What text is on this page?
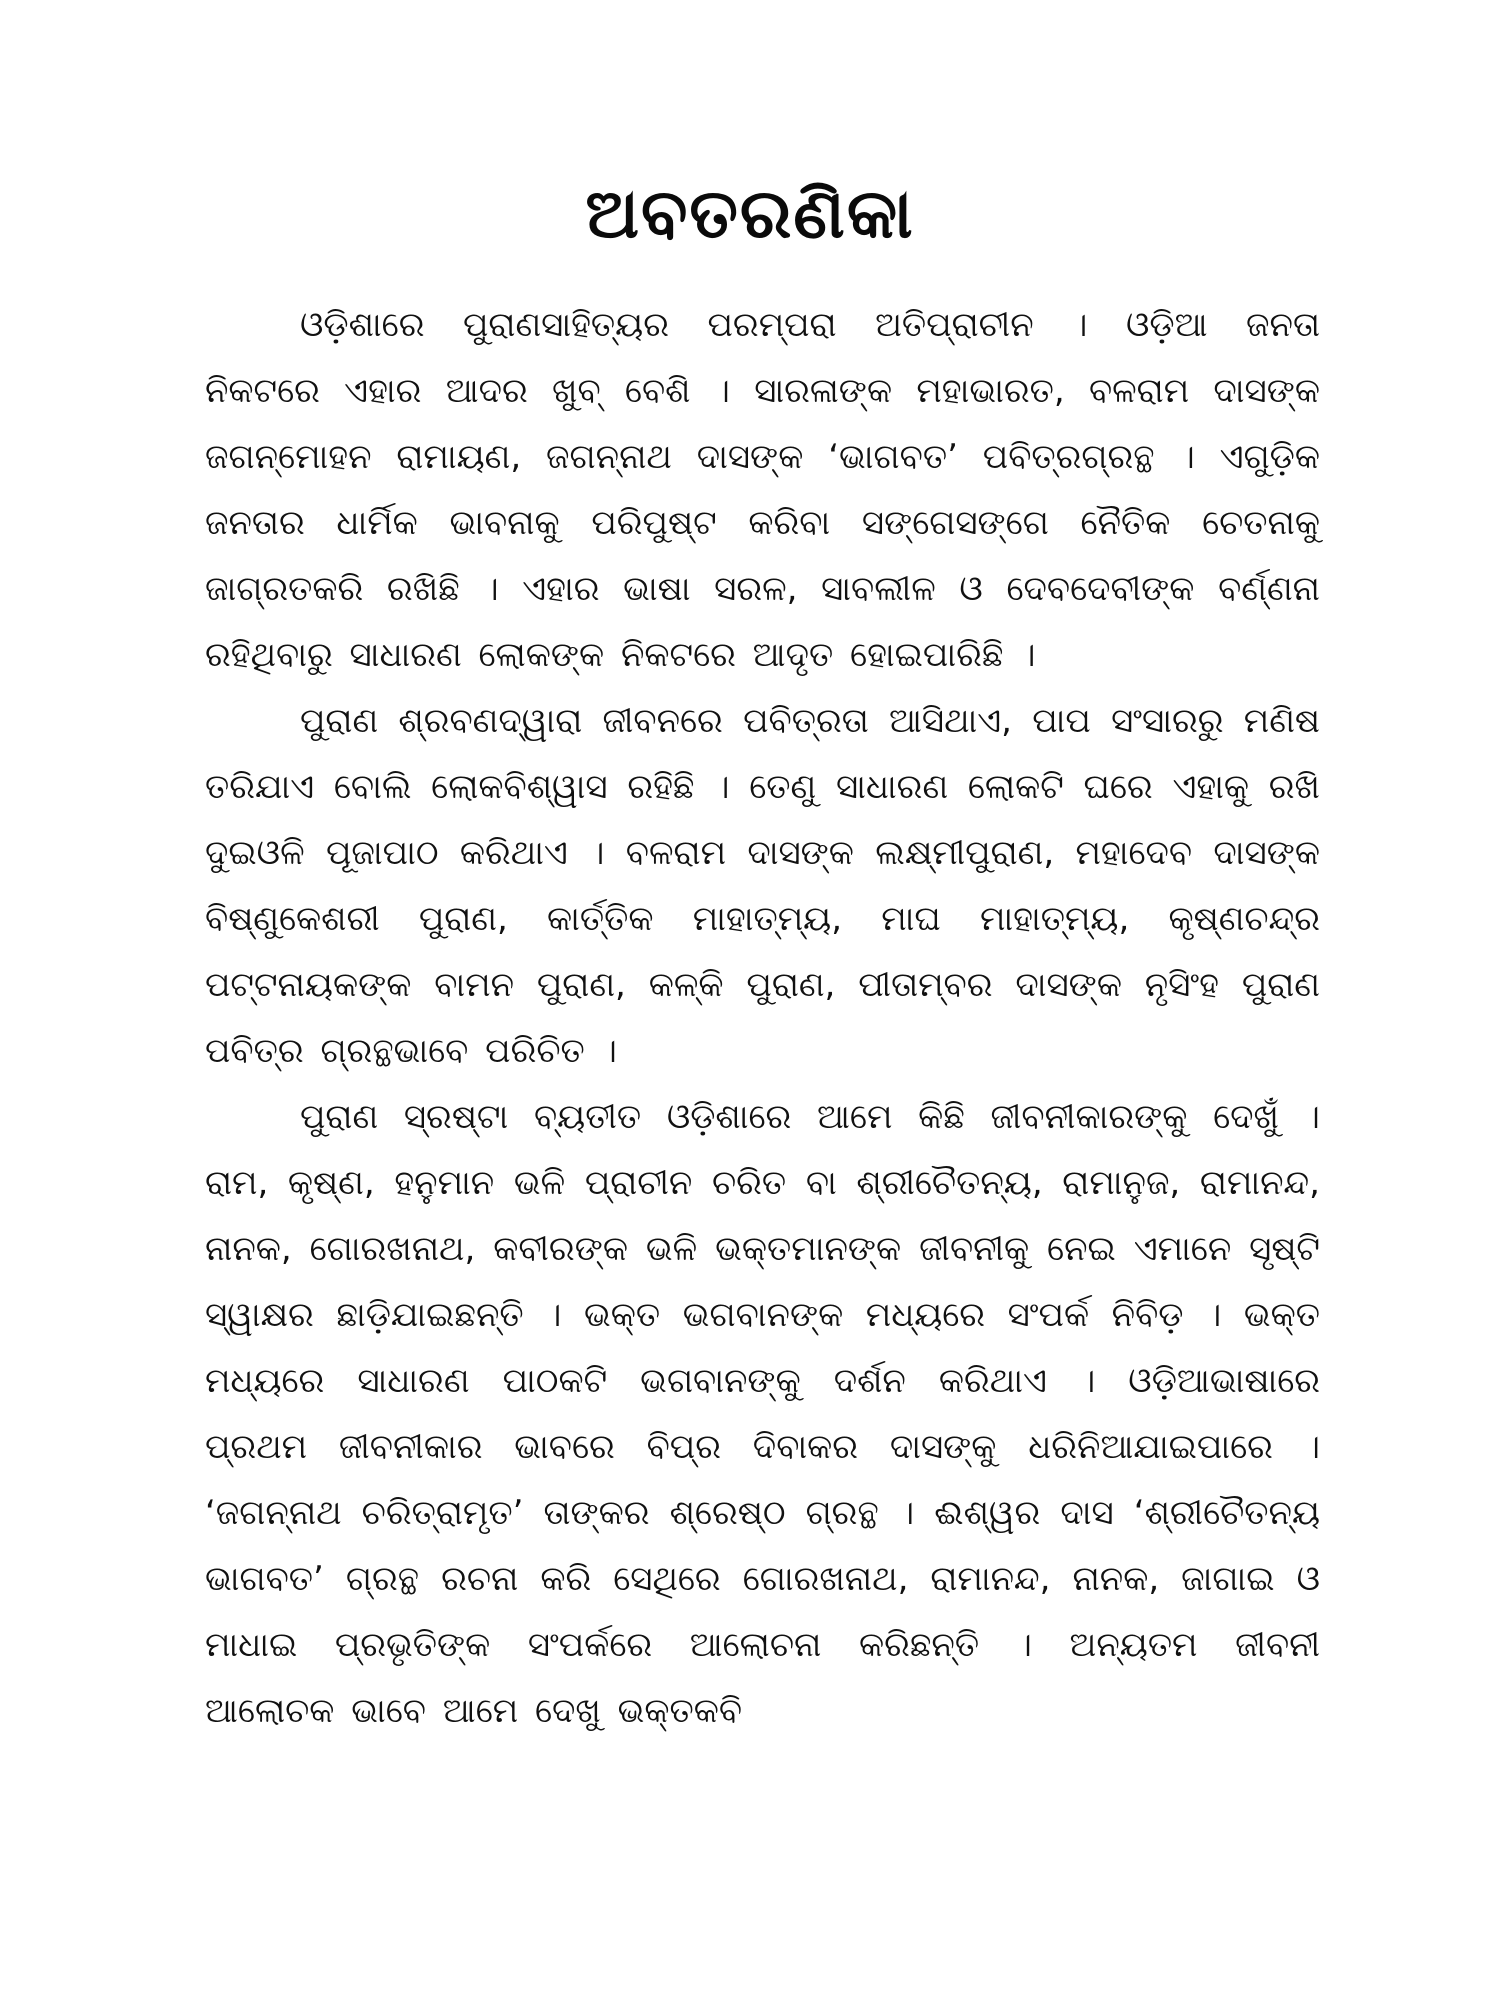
ଅବତରଣିକା

ଓଡ଼ିଶାରେ ପୁରାଣସାହିତ୍ୟର ପରମ୍ପରା ଅତିପ୍ରାଚୀନ । ଓଡ଼ିଆ ଜନତା ନିକଟରେ ଏହାର ଆଦର ଖୁବ୍ ବେଶି । ସାରଳାଙ୍କ ମହାଭାରତ, ବଳରାମ ଦାସଙ୍କ ଜଗନ୍ମୋହନ ରାମାୟଣ, ଜଗନ୍ନାଥ ଦାସଙ୍କ ‘ଭାଗବତ’ ପବିତ୍ରଗ୍ରନ୍ଥ । ଏଗୁଡ଼ିକ ଜନତାର ଧାର୍ମିକ ଭାବନାକୁ ପରିପୁଷ୍ଟ କରିବା ସଙ୍ଗେସଙ୍ଗେ ନୈତିକ ଚେତନାକୁ ଜାଗ୍ରତକରି ରଖିଛି । ଏହାର ଭାଷା ସରଳ, ସାବଲୀଳ ଓ ଦେବଦେବୀଙ୍କ ବର୍ଣ୍ଣନା ରହିଥିବାରୁ ସାଧାରଣ ଲୋକଙ୍କ ନିକଟରେ ଆଦୃତ ହୋଇପାରିଛି ।

ପୁରାଣ ଶ୍ରବଣଦ୍ୱାରା ଜୀବନରେ ପବିତ୍ରତା ଆସିଥାଏ, ପାପ ସଂସାରରୁ ମଣିଷ ତରିଯାଏ ବୋଲି ଲୋକବିଶ୍ୱାସ ରହିଛି । ତେଣୁ ସାଧାରଣ ଲୋକଟି ଘରେ ଏହାକୁ ରଖି ଦୁଇଓଳି ପୂଜାପାଠ କରିଥାଏ । ବଳରାମ ଦାସଙ୍କ ଲକ୍ଷ୍ମୀପୁରାଣ, ମହାଦେବ ଦାସଙ୍କ ବିଷ୍ଣୁକେଶରୀ ପୁରାଣ, କାର୍ତ୍ତିକ ମାହାତ୍ମ୍ୟ, ମାଘ ମାହାତ୍ମ୍ୟ, କୃଷ୍ଣଚନ୍ଦ୍ର ପଟ୍ଟନାୟକଙ୍କ ବାମନ ପୁରାଣ, କଳ୍କି ପୁରାଣ, ପୀତାମ୍ବର ଦାସଙ୍କ ନୃସିଂହ ପୁରାଣ ପବିତ୍ର ଗ୍ରନ୍ଥଭାବେ ପରିଚିତ ।

ପୁରାଣ ସ୍ରଷ୍ଟା ବ୍ୟତୀତ ଓଡ଼ିଶାରେ ଆମେ କିଛି ଜୀବନୀକାରଙ୍କୁ ଦେଖୁଁ । ରାମ, କୃଷ୍ଣ, ହନୁମାନ ଭଳି ପ୍ରାଚୀନ ଚରିତ ବା ଶ୍ରୀଚୈତନ୍ୟ, ରାମାନୁଜ, ରାମାନନ୍ଦ, ନାନକ, ଗୋରଖନାଥ, କବୀରଙ୍କ ଭଳି ଭକ୍ତମାନଙ୍କ ଜୀବନୀକୁ ନେଇ ଏମାନେ ସୃଷ୍ଟି ସ୍ୱାକ୍ଷର ଛାଡ଼ିଯାଇଛନ୍ତି । ଭକ୍ତ ଭଗବାନଙ୍କ ମଧ୍ୟରେ ସଂପର୍କ ନିବିଡ଼ । ଭକ୍ତ ମଧ୍ୟରେ ସାଧାରଣ ପାଠକଟି ଭଗବାନଙ୍କୁ ଦର୍ଶନ କରିଥାଏ । ଓଡ଼ିଆଭାଷାରେ ପ୍ରଥମ ଜୀବନୀକାର ଭାବରେ ବିପ୍ର ଦିବାକର ଦାସଙ୍କୁ ଧରିନିଆଯାଇପାରେ । ‘ଜଗନ୍ନାଥ ଚରିତ୍ରାମୃତ’ ତାଙ୍କର ଶ୍ରେଷ୍ଠ ଗ୍ରନ୍ଥ । ଈଶ୍ୱର ଦାସ ‘ଶ୍ରୀଚୈତନ୍ୟ ଭାଗବତ’ ଗ୍ରନ୍ଥ ରଚନା କରି ସେଥିରେ ଗୋରଖନାଥ, ରାମାନନ୍ଦ, ନାନକ, ଜାଗାଇ ଓ ମାଧାଇ ପ୍ରଭୃତିଙ୍କ ସଂପର୍କରେ ଆଲୋଚନା କରିଛନ୍ତି । ଅନ୍ୟତମ ଜୀବନୀ ଆଲୋଚକ ଭାବେ ଆମେ ଦେଖୁ ଭକ୍ତକବି
